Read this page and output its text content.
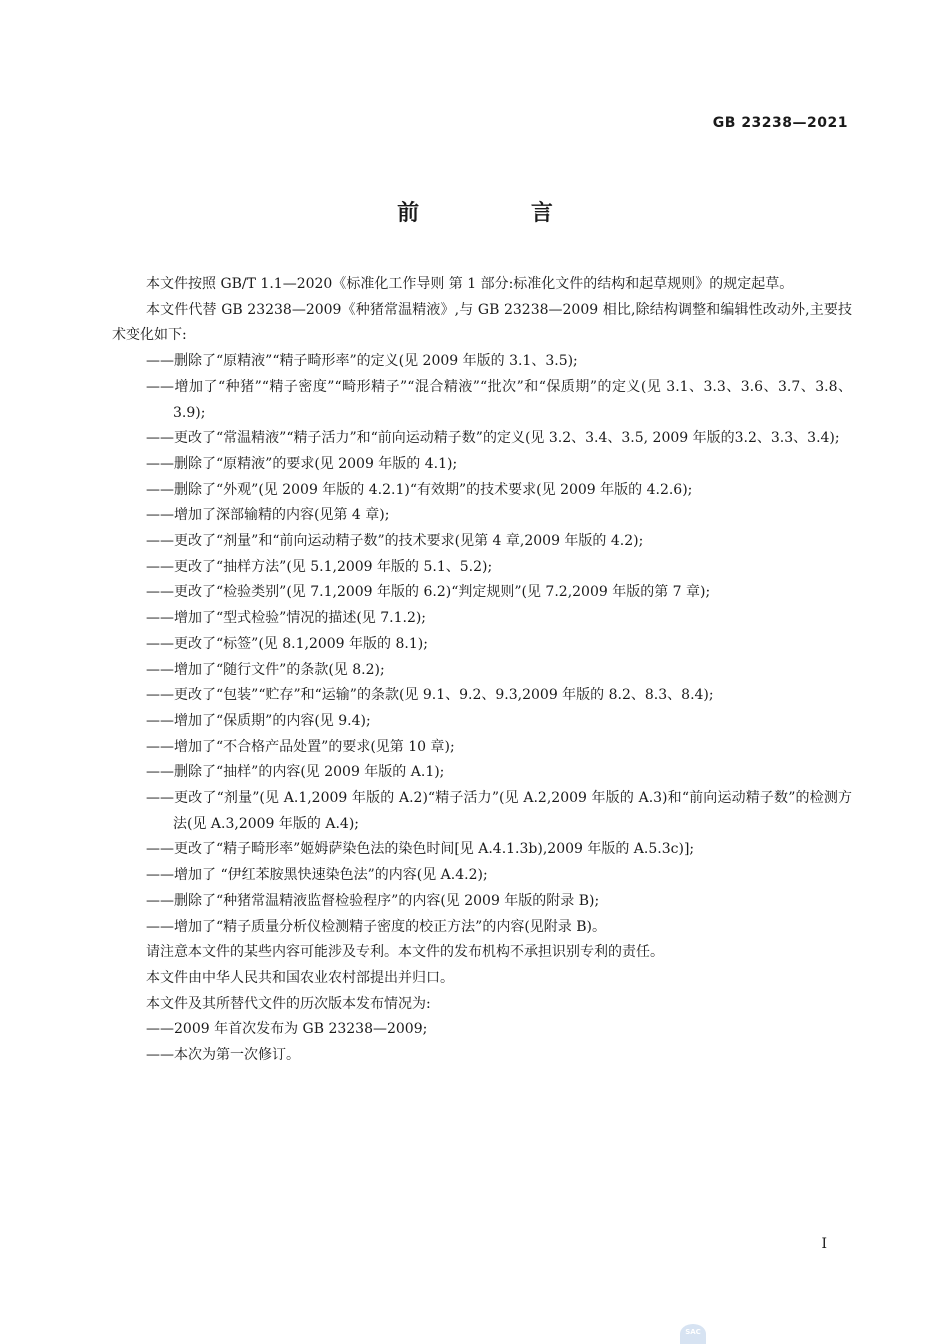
GB 23238—2021
前 言

本文件按照 GB/T 1.1—2020《标准化工作导则 第 1 部分:标准化文件的结构和起草规则》的规定起草。

本文件代替 GB 23238—2009《种猪常温精液》,与 GB 23238—2009 相比,除结构调整和编辑性改动外,主要技术变化如下:

——删除了“原精液”“精子畸形率”的定义(见 2009 年版的 3.1、3.5);

——增加了“种猪”“精子密度”“畸形精子”“混合精液”“批次”和“保质期”的定义(见 3.1、3.3、3.6、3.7、3.8、3.9);

——更改了“常温精液”“精子活力”和“前向运动精子数”的定义(见 3.2、3.4、3.5, 2009 年版的3.2、3.3、3.4);

——删除了“原精液”的要求(见 2009 年版的 4.1);

——删除了“外观”(见 2009 年版的 4.2.1)“有效期”的技术要求(见 2009 年版的 4.2.6);

——增加了深部输精的内容(见第 4 章);

——更改了“剂量”和“前向运动精子数”的技术要求(见第 4 章,2009 年版的 4.2);

——更改了“抽样方法”(见 5.1,2009 年版的 5.1、5.2);

——更改了“检验类别”(见 7.1,2009 年版的 6.2)“判定规则”(见 7.2,2009 年版的第 7 章);

——增加了“型式检验”情况的描述(见 7.1.2);

——更改了“标签”(见 8.1,2009 年版的 8.1);

——增加了“随行文件”的条款(见 8.2);

——更改了“包装”“贮存”和“运输”的条款(见 9.1、9.2、9.3,2009 年版的 8.2、8.3、8.4);

——增加了“保质期”的内容(见 9.4);

——增加了“不合格产品处置”的要求(见第 10 章);

——删除了“抽样”的内容(见 2009 年版的 A.1);

——更改了“剂量”(见 A.1,2009 年版的 A.2)“精子活力”(见 A.2,2009 年版的 A.3)和“前向运动精子数”的检测方法(见 A.3,2009 年版的 A.4);

——更改了“精子畸形率”姬姆萨染色法的染色时间[见 A.4.1.3b),2009 年版的 A.5.3c)];

——增加了 “伊红苯胺黑快速染色法”的内容(见 A.4.2);

——删除了“种猪常温精液监督检验程序”的内容(见 2009 年版的附录 B);

——增加了“精子质量分析仪检测精子密度的校正方法”的内容(见附录 B)。

请注意本文件的某些内容可能涉及专利。本文件的发布机构不承担识别专利的责任。

本文件由中华人民共和国农业农村部提出并归口。

本文件及其所替代文件的历次版本发布情况为:

——2009 年首次发布为 GB 23238—2009;

——本次为第一次修订。

I
SAC
